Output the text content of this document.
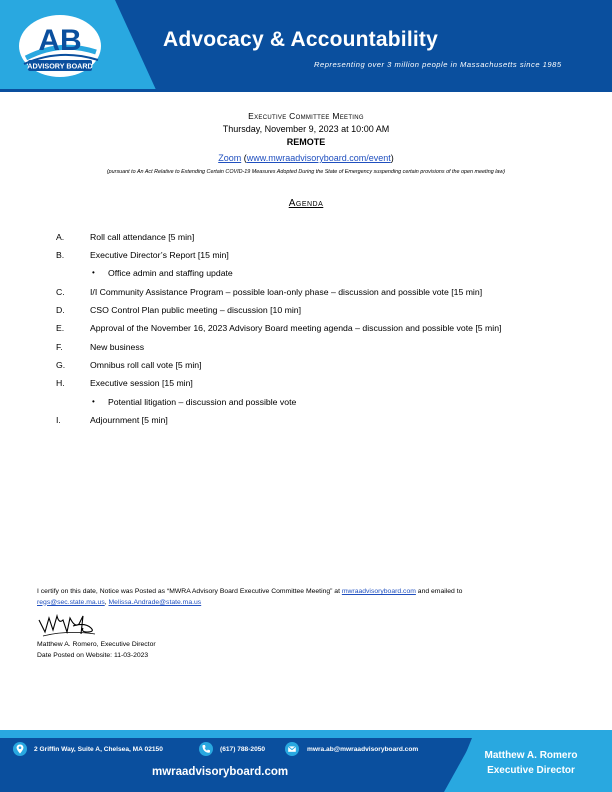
AB
ADVISORY BOARD
Advocacy & Accountability
Representing over 3 million people in Massachusetts since 1985
Executive Committee Meeting
Thursday, November 9, 2023 at 10:00 AM
REMOTE
Zoom (www.mwraadvisoryboard.com/event)
(pursuant to An Act Relative to Extending Certain COVID-19 Measures Adopted During the State of Emergency suspending certain provisions of the open meeting law)
Agenda
A.	Roll call attendance [5 min]
B.	Executive Director’s Report [15 min]
• Office admin and staffing update
C.	I/I Community Assistance Program – possible loan-only phase – discussion and possible vote [15 min]
D.	CSO Control Plan public meeting – discussion [10 min]
E.	Approval of the November 16, 2023 Advisory Board meeting agenda – discussion and possible vote [5 min]
F.	New business
G.	Omnibus roll call vote [5 min]
H.	Executive session [15 min]
• Potential litigation – discussion and possible vote
I.	Adjournment [5 min]
I certify on this date, Notice was Posted as “MWRA Advisory Board Executive Committee Meeting” at mwraadvisoryboard.com and emailed to
regs@sec.state.ma.us, Melissa.Andrade@state.ma.us
Matthew A. Romero, Executive Director
Date Posted on Website: 11-03-2023
2 Griffin Way, Suite A, Chelsea, MA 02150	(617) 788-2050	mwra.ab@mwraadvisoryboard.com
mwraadvisoryboard.com
Matthew A. Romero
Executive Director
